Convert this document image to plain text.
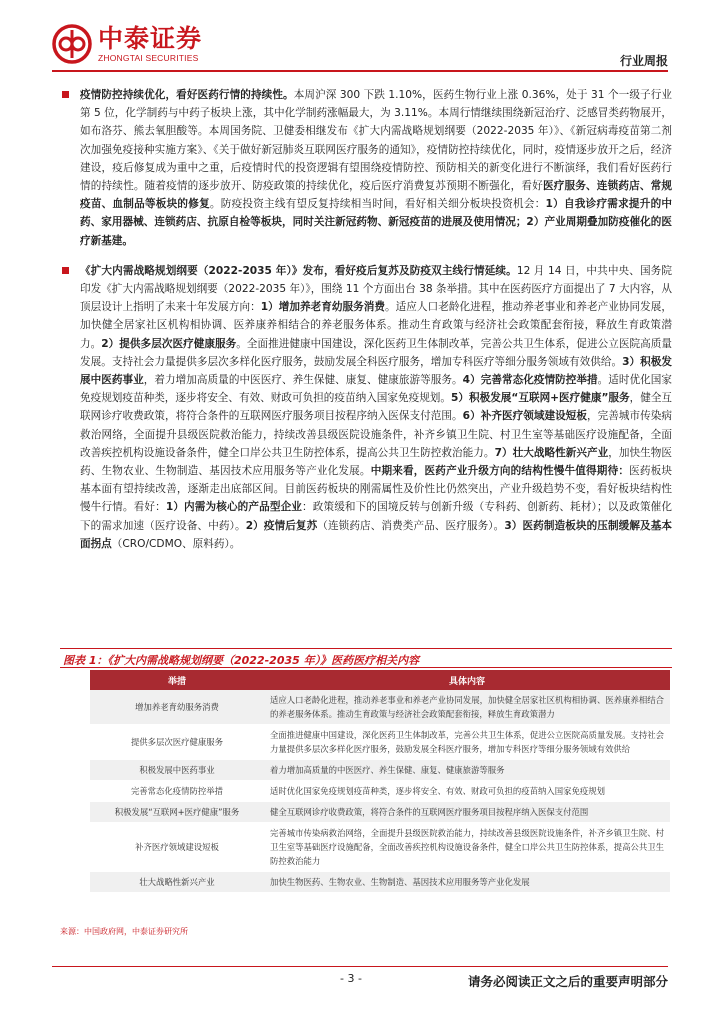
中泰证券
ZHONGTAI SECURITIES	行业周报
疫情防控持续优化，看好医药行情的持续性。本周沪深 300 下跌 1.10%，医药生物行业上涨 0.36%，处于 31 个一级子行业第 5 位，化学制药与中药子板块上涨，其中化学制药涨幅最大，为 3.11%。本周行情继续围绕新冠治疗、泛感冒类药物展开，如布洛芬、熊去氧胆酸等。本周国务院、卫健委相继发布《扩大内需战略规划纲要（2022-2035 年）》、《新冠病毒疫苗第二剂次加强免疫接种实施方案》、《关于做好新冠肺炎互联网医疗服务的通知》，疫情防控持续优化，同时，疫情逐步放开之后，经济建设，疫后修复成为重中之重，后疫情时代的投资逻辑有望围绕疫情防控、预防相关的新变化进行不断演绎，我们看好医药行情的持续性。随着疫情的逐步放开、防疫政策的持续优化，疫后医疗消费复苏预期不断强化，看好医疗服务、连锁药店、常规疫苗、血制品等板块的修复。防疫投资主线有望反复持续相当时间，看好相关细分板块投资机会：1）自我诊疗需求提升的中药、家用器械、连锁药店、抗原自检等板块，同时关注新冠药物、新冠疫苗的进展及使用情况；2）产业周期叠加防疫催化的医疗新基建。
《扩大内需战略规划纲要（2022-2035 年）》发布，看好疫后复苏及防疫双主线行情延续。12 月 14 日，中共中央、国务院印发《扩大内需战略规划纲要（2022-2035 年）》，围绕 11 个方面出台 38 条举措。其中在医药医疗方面提出了 7 大内容，从顶层设计上指明了未来十年发展方向：1）增加养老育幼服务消费。适应人口老龄化进程，推动养老事业和养老产业协同发展，加快健全居家社区机构相协调、医养康养相结合的养老服务体系。推动生育政策与经济社会政策配套衔接，释放生育政策潜力。2）提供多层次医疗健康服务。全面推进健康中国建设，深化医药卫生体制改革，完善公共卫生体系，促进公立医院高质量发展。支持社会力量提供多层次多样化医疗服务，鼓励发展全科医疗服务，增加专科医疗等细分服务领域有效供给。3）积极发展中医药事业，着力增加高质量的中医医疗、养生保健、康复、健康旅游等服务。4）完善常态化疫情防控举措。适时优化国家免疫规划疫苗种类，逐步将安全、有效、财政可负担的疫苗纳入国家免疫规划。5）积极发展“互联网+医疗健康”服务，健全互联网诊疗收费政策，将符合条件的互联网医疗服务项目按程序纳入医保支付范围。6）补齐医疗领域建设短板，完善城市传染病救治网络，全面提升县级医院救治能力，持续改善县级医院设施条件，补齐乡镇卫生院、村卫生室等基础医疗设施配备，全面改善疾控机构设施设备条件，健全口岸公共卫生防控体系，提高公共卫生防控救治能力。7）壮大战略性新兴产业，加快生物医药、生物农业、生物制造、基因技术应用服务等产业化发展。中期来看，医药产业升级方向的结构性慢牛值得期待：医药板块基本面有望持续改善，逐渐走出底部区间。目前医药板块的刚需属性及价性比仍然突出，产业升级趋势不变，看好板块结构性慢牛行情。看好：1）内需为核心的产品型企业：政策缓和下的国境反转与创新升级（专科药、创新药、耗材）；以及政策催化下的需求加速（医疗设备、中药）。2）疫情后复苏（连锁药店、消费类产品、医疗服务）。3）医药制造板块的压制缓解及基本面拐点（CRO/CDMO、原料药）。
图表 1：《扩大内需战略规划纲要（2022-2035 年）》医药医疗相关内容
举措	具体内容
增加养老育幼服务消费	适应人口老龄化进程，推动养老事业和养老产业协同发展，加快健全居家社区机构相协调、医养康养相结合的养老服务体系。推动生育政策与经济社会政策配套衔接，释放生育政策潜力
提供多层次医疗健康服务	全面推进健康中国建设，深化医药卫生体制改革，完善公共卫生体系，促进公立医院高质量发展。支持社会力量提供多层次多样化医疗服务，鼓励发展全科医疗服务，增加专科医疗等细分服务领域有效供给
积极发展中医药事业	着力增加高质量的中医医疗、养生保健、康复、健康旅游等服务
完善常态化疫情防控举措	适时优化国家免疫规划疫苗种类，逐步将安全、有效、财政可负担的疫苗纳入国家免疫规划
积极发展“互联网+医疗健康”服务	健全互联网诊疗收费政策，将符合条件的互联网医疗服务项目按程序纳入医保支付范围
补齐医疗领域建设短板	完善城市传染病救治网络，全面提升县级医院救治能力，持续改善县级医院设施条件，补齐乡镇卫生院、村卫生室等基础医疗设施配备，全面改善疾控机构设施设备条件，健全口岸公共卫生防控体系，提高公共卫生防控救治能力
壮大战略性新兴产业	加快生物医药、生物农业、生物制造、基因技术应用服务等产业化发展
来源：中国政府网，中泰证券研究所
- 3 -	请务必阅读正文之后的重要声明部分
